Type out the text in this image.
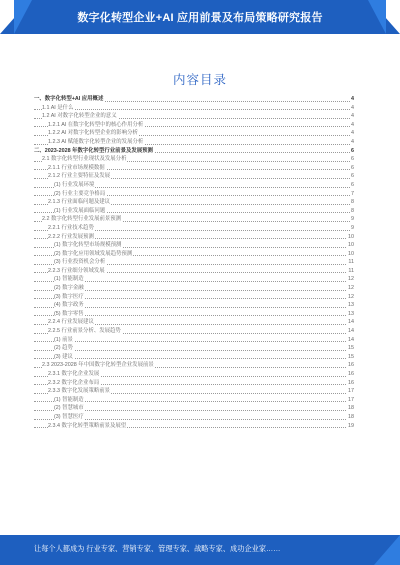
数字化转型企业+AI 应用前景及布局策略研究报告
内容目录
一、数字化转型+AI 应用概述	4
1.1 AI 是什么	4
1.2 AI 对数字化转型企业的意义	4
1.2.1 AI 在数字化转型中的核心作用分析	4
1.2.2 AI 对数字化转型企业的影响分析	4
1.2.3 AI 赋能数字化转型企业的发展分析	4
二、2023-2028 年数字化转型行业前景及发展预测	6
2.1 数字化转型行业现状及发展分析	6
2.1.1 行业市场规模数据	6
2.1.2 行业主要特征及发展	6
(1) 行业发展环境	6
(2) 行业主要竞争格局	7
2.1.3 行业面临问题及建议	8
(1) 行业发展面临问题	8
2.2 数字化转型行业发展前景预测	9
2.2.1 行业技术趋势	9
2.2.2 行业发展预测	10
(1) 数字化转型市场规模预测	10
(2) 数字化应用领域发展趋势预测	10
(3) 行业投资机会分析	11
2.2.3 行业细分领域发展	11
(1) 智能制造	12
(2) 数字金融	12
(3) 数字医疗	12
(4) 数字政务	13
(5) 数字零售	13
2.2.4 行业发展建议	14
2.2.5 行业前景分析、发展趋势	14
(1) 前景	14
(2) 趋势	15
(3) 建议	15
2.3 2023-2028 年中国数字化转型企业发展前景	16
2.3.1 数字化企业发展	16
2.3.2 数字化企业布局	16
2.3.3 数字化发展策略前景	17
(1) 智能制造	17
(2) 智慧城市	18
(3) 智慧医疗	18
2.3.4 数字化转型策略前景及展望	19
让每个人都成为 行业专家、营销专家、管理专家、战略专家、成功企业家……
